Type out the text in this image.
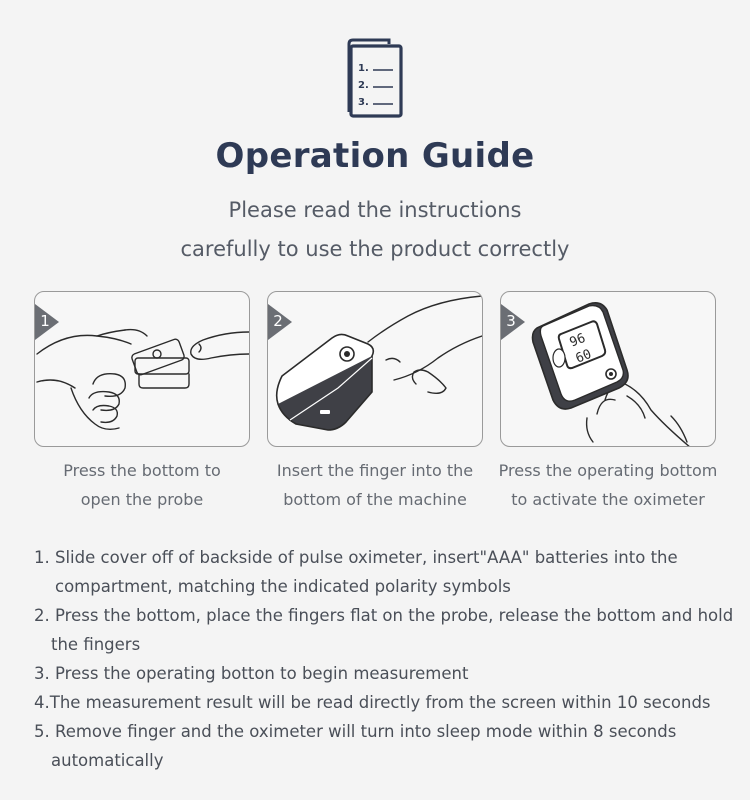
1.
2.
3.
Operation Guide
Please read the instructions
carefully to use the product correctly
1	2
96
60
3
Press the bottom to
open the probe
Insert the finger into the
bottom of the machine
Press the operating bottom
to activate the oximeter
1. Slide cover off of backside of pulse oximeter, insert"AAA" batteries into the
compartment, matching the indicated polarity symbols
2. Press the bottom, place the fingers flat on the probe, release the bottom and hold
the fingers
3. Press the operating botton to begin measurement
4.The measurement result will be read directly from the screen within 10 seconds
5. Remove finger and the oximeter will turn into sleep mode within 8 seconds
automatically
